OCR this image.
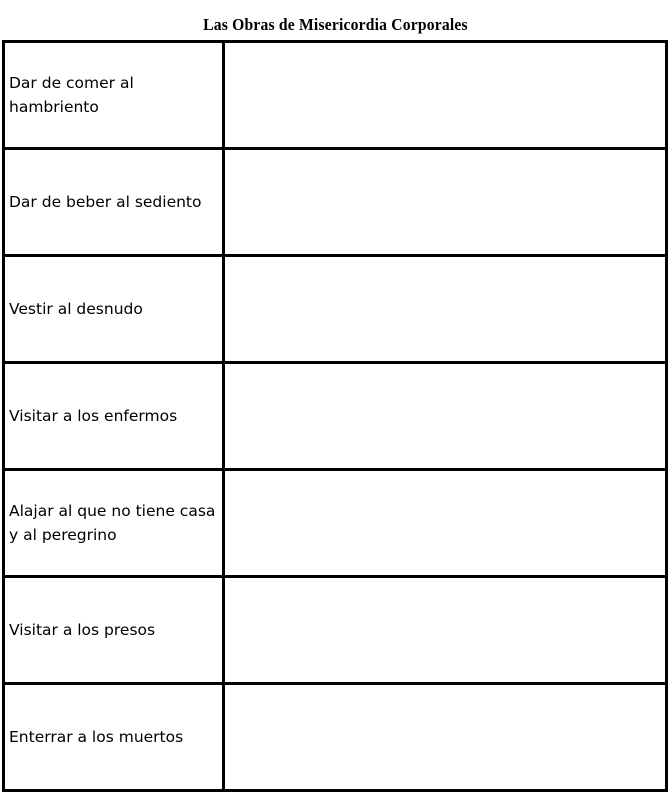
Las Obras de Misericordia Corporales
Dar de comer al hambriento	
Dar de beber al sediento	
Vestir al desnudo	
Visitar a los enfermos	
Alajar al que no tiene casa y al peregrino	
Visitar a los presos	
Enterrar a los muertos	
